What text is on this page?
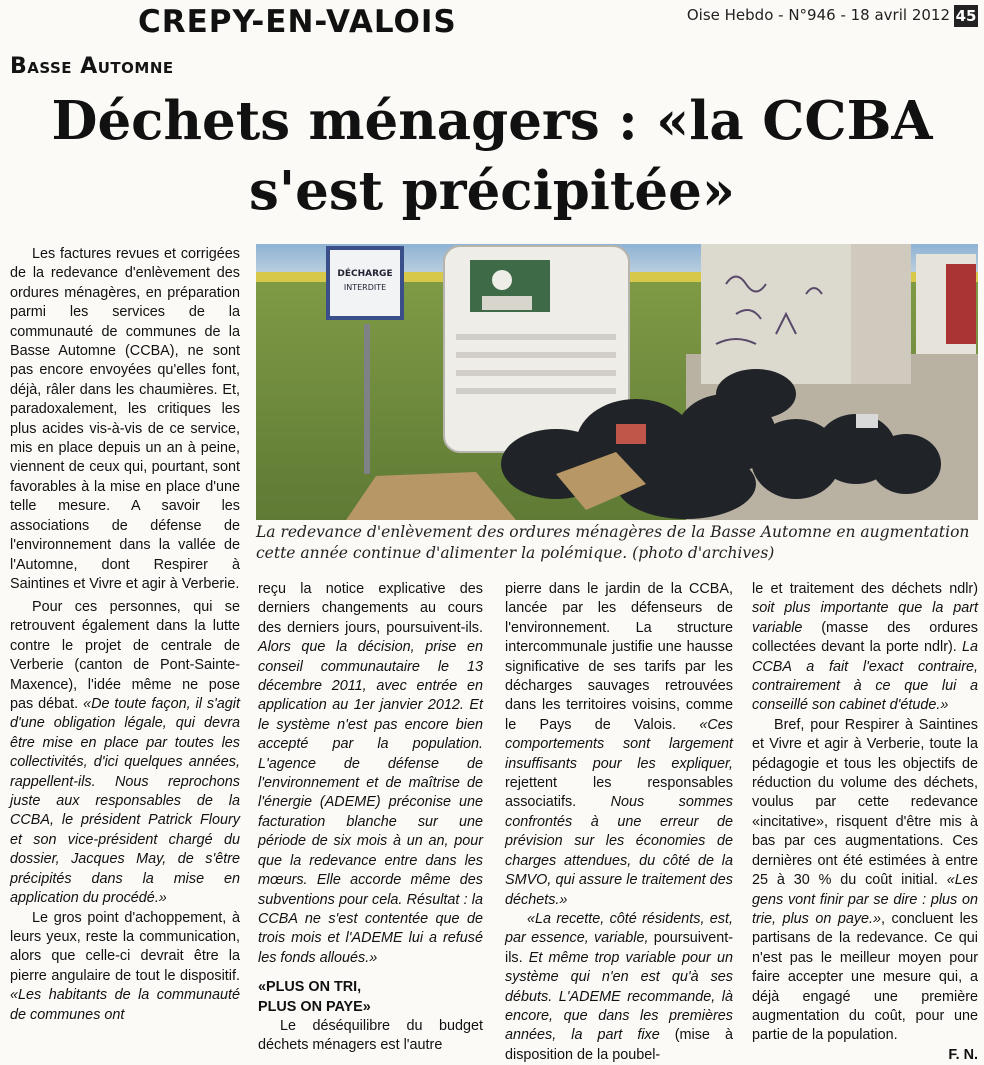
CREPY-EN-VALOIS	Oise Hebdo - N°946 - 18 avril 2012 45
Basse Automne
Déchets ménagers : «la CCBA
s'est précipitée»
DÉCHARGE
INTERDITE
La redevance d'enlèvement des ordures ménagères de la Basse Automne en augmentation cette année continue d'alimenter la polémique. (photo d'archives)

Les factures revues et corrigées de la redevance d'enlèvement des ordures ménagères, en préparation parmi les services de la communauté de communes de la Basse Automne (CCBA), ne sont pas encore envoyées qu'elles font, déjà, râler dans les chaumières. Et, paradoxalement, les critiques les plus acides vis-à-vis de ce service, mis en place depuis un an à peine, viennent de ceux qui, pourtant, sont favorables à la mise en place d'une telle mesure. A savoir les associations de défense de l'environnement dans la vallée de l'Automne, dont Respirer à Saintines et Vivre et agir à Verberie.

Pour ces personnes, qui se retrouvent également dans la lutte contre le projet de centrale de Verberie (canton de Pont-Sainte-Maxence), l'idée même ne pose pas débat. «De toute façon, il s'agit d'une obligation légale, qui devra être mise en place par toutes les collectivités, d'ici quelques années, rappellent-ils. Nous reprochons juste aux responsables de la CCBA, le président Patrick Floury et son vice-président chargé du dossier, Jacques May, de s'être précipités dans la mise en application du procédé.»

Le gros point d'achoppement, à leurs yeux, reste la communication, alors que celle-ci devrait être la pierre angulaire de tout le dispositif. «Les habitants de la communauté de communes ont

reçu la notice explicative des derniers changements au cours des derniers jours, poursuivent-ils. Alors que la décision, prise en conseil communautaire le 13 décembre 2011, avec entrée en application au 1er janvier 2012. Et le système n'est pas encore bien accepté par la population. L'agence de défense de l'environnement et de maîtrise de l'énergie (ADEME) préconise une facturation blanche sur une période de six mois à un an, pour que la redevance entre dans les mœurs. Elle accorde même des subventions pour cela. Résultat : la CCBA ne s'est contentée que de trois mois et l'ADEME lui a refusé les fonds alloués.»

«PLUS ON TRI,
PLUS ON PAYE»

Le déséquilibre du budget déchets ménagers est l'autre

pierre dans le jardin de la CCBA, lancée par les défenseurs de l'environnement. La structure intercommunale justifie une hausse significative de ses tarifs par les décharges sauvages retrouvées dans les territoires voisins, comme le Pays de Valois. «Ces comportements sont largement insuffisants pour les expliquer, rejettent les responsables associatifs. Nous sommes confrontés à une erreur de prévision sur les économies de charges attendues, du côté de la SMVO, qui assure le traitement des déchets.»

«La recette, côté résidents, est, par essence, variable, poursuivent-ils. Et même trop variable pour un système qui n'en est qu'à ses débuts. L'ADEME recommande, là encore, que dans les premières années, la part fixe (mise à disposition de la poubel-

le et traitement des déchets ndlr) soit plus importante que la part variable (masse des ordures collectées devant la porte ndlr). La CCBA a fait l'exact contraire, contrairement à ce que lui a conseillé son cabinet d'étude.»

Bref, pour Respirer à Saintines et Vivre et agir à Verberie, toute la pédagogie et tous les objectifs de réduction du volume des déchets, voulus par cette redevance «incitative», risquent d'être mis à bas par ces augmentations. Ces dernières ont été estimées à entre 25 à 30 % du coût initial. «Les gens vont finir par se dire : plus on trie, plus on paye.», concluent les partisans de la redevance. Ce qui n'est pas le meilleur moyen pour faire accepter une mesure qui, a déjà engagé une première augmentation du coût, pour une partie de la population.

F. N.
